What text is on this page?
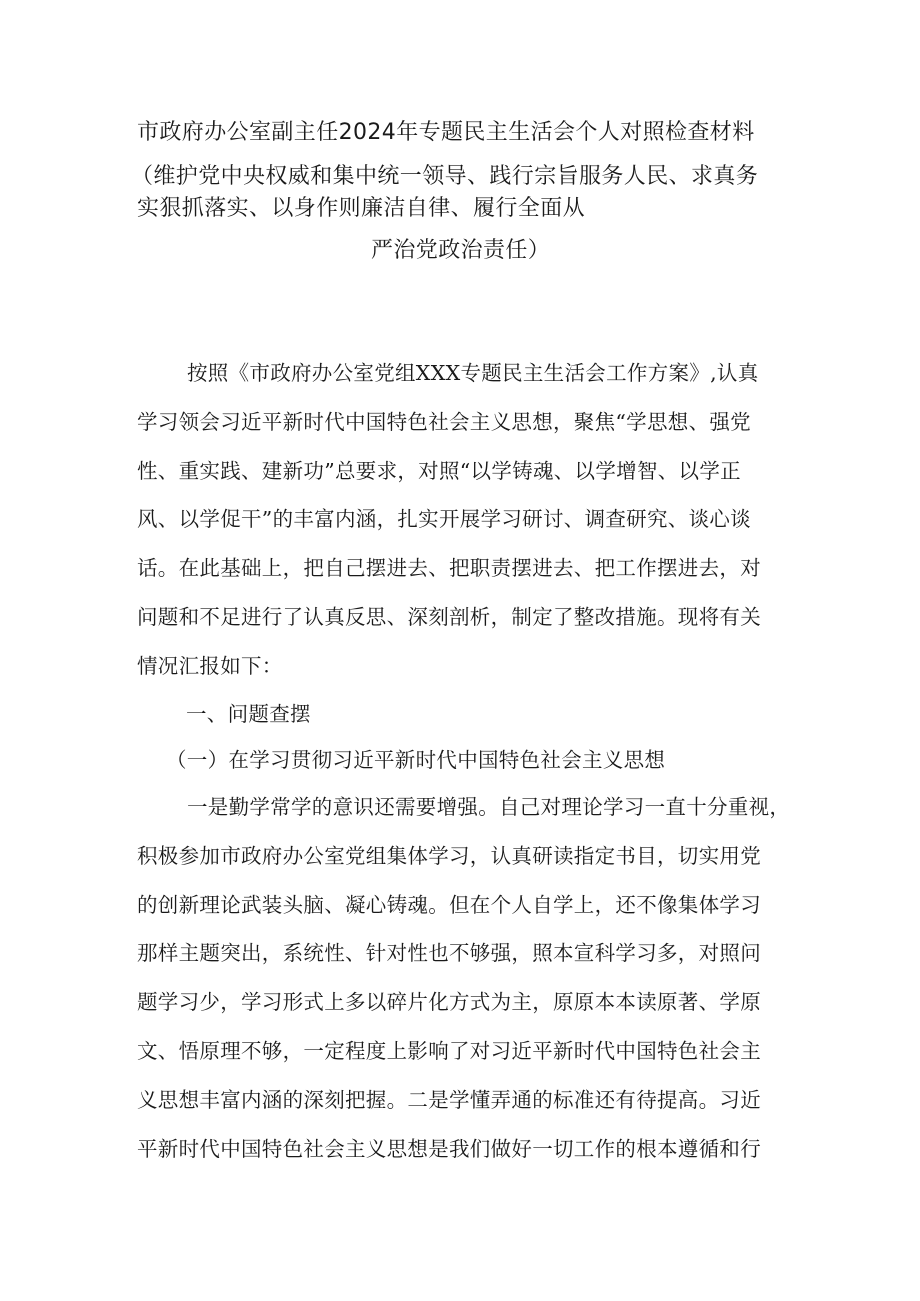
市政府办公室副主任2024年专题民主生活会个人对照检查材料
（维护党中央权威和集中统一领导、践行宗旨服务人民、求真务
实狠抓落实、以身作则廉洁自律、履行全面从
严治党政治责任）
按照《市政府办公室党组XXX专题民主生活会工作方案》,认真
学习领会习近平新时代中国特色社会主义思想，聚焦“学思想、强党
性、重实践、建新功”总要求，对照“以学铸魂、以学增智、以学正
风、以学促干”的丰富内涵，扎实开展学习研讨、调查研究、谈心谈
话。在此基础上，把自己摆进去、把职责摆进去、把工作摆进去，对
问题和不足进行了认真反思、深刻剖析，制定了整改措施。现将有关
情况汇报如下：
一、问题查摆
（一）在学习贯彻习近平新时代中国特色社会主义思想
一是勤学常学的意识还需要增强。自己对理论学习一直十分重视，
积极参加市政府办公室党组集体学习，认真研读指定书目，切实用党
的创新理论武装头脑、凝心铸魂。但在个人自学上，还不像集体学习
那样主题突出，系统性、针对性也不够强，照本宣科学习多，对照问
题学习少，学习形式上多以碎片化方式为主，原原本本读原著、学原
文、悟原理不够，一定程度上影响了对习近平新时代中国特色社会主
义思想丰富内涵的深刻把握。二是学懂弄通的标准还有待提高。习近
平新时代中国特色社会主义思想是我们做好一切工作的根本遵循和行
